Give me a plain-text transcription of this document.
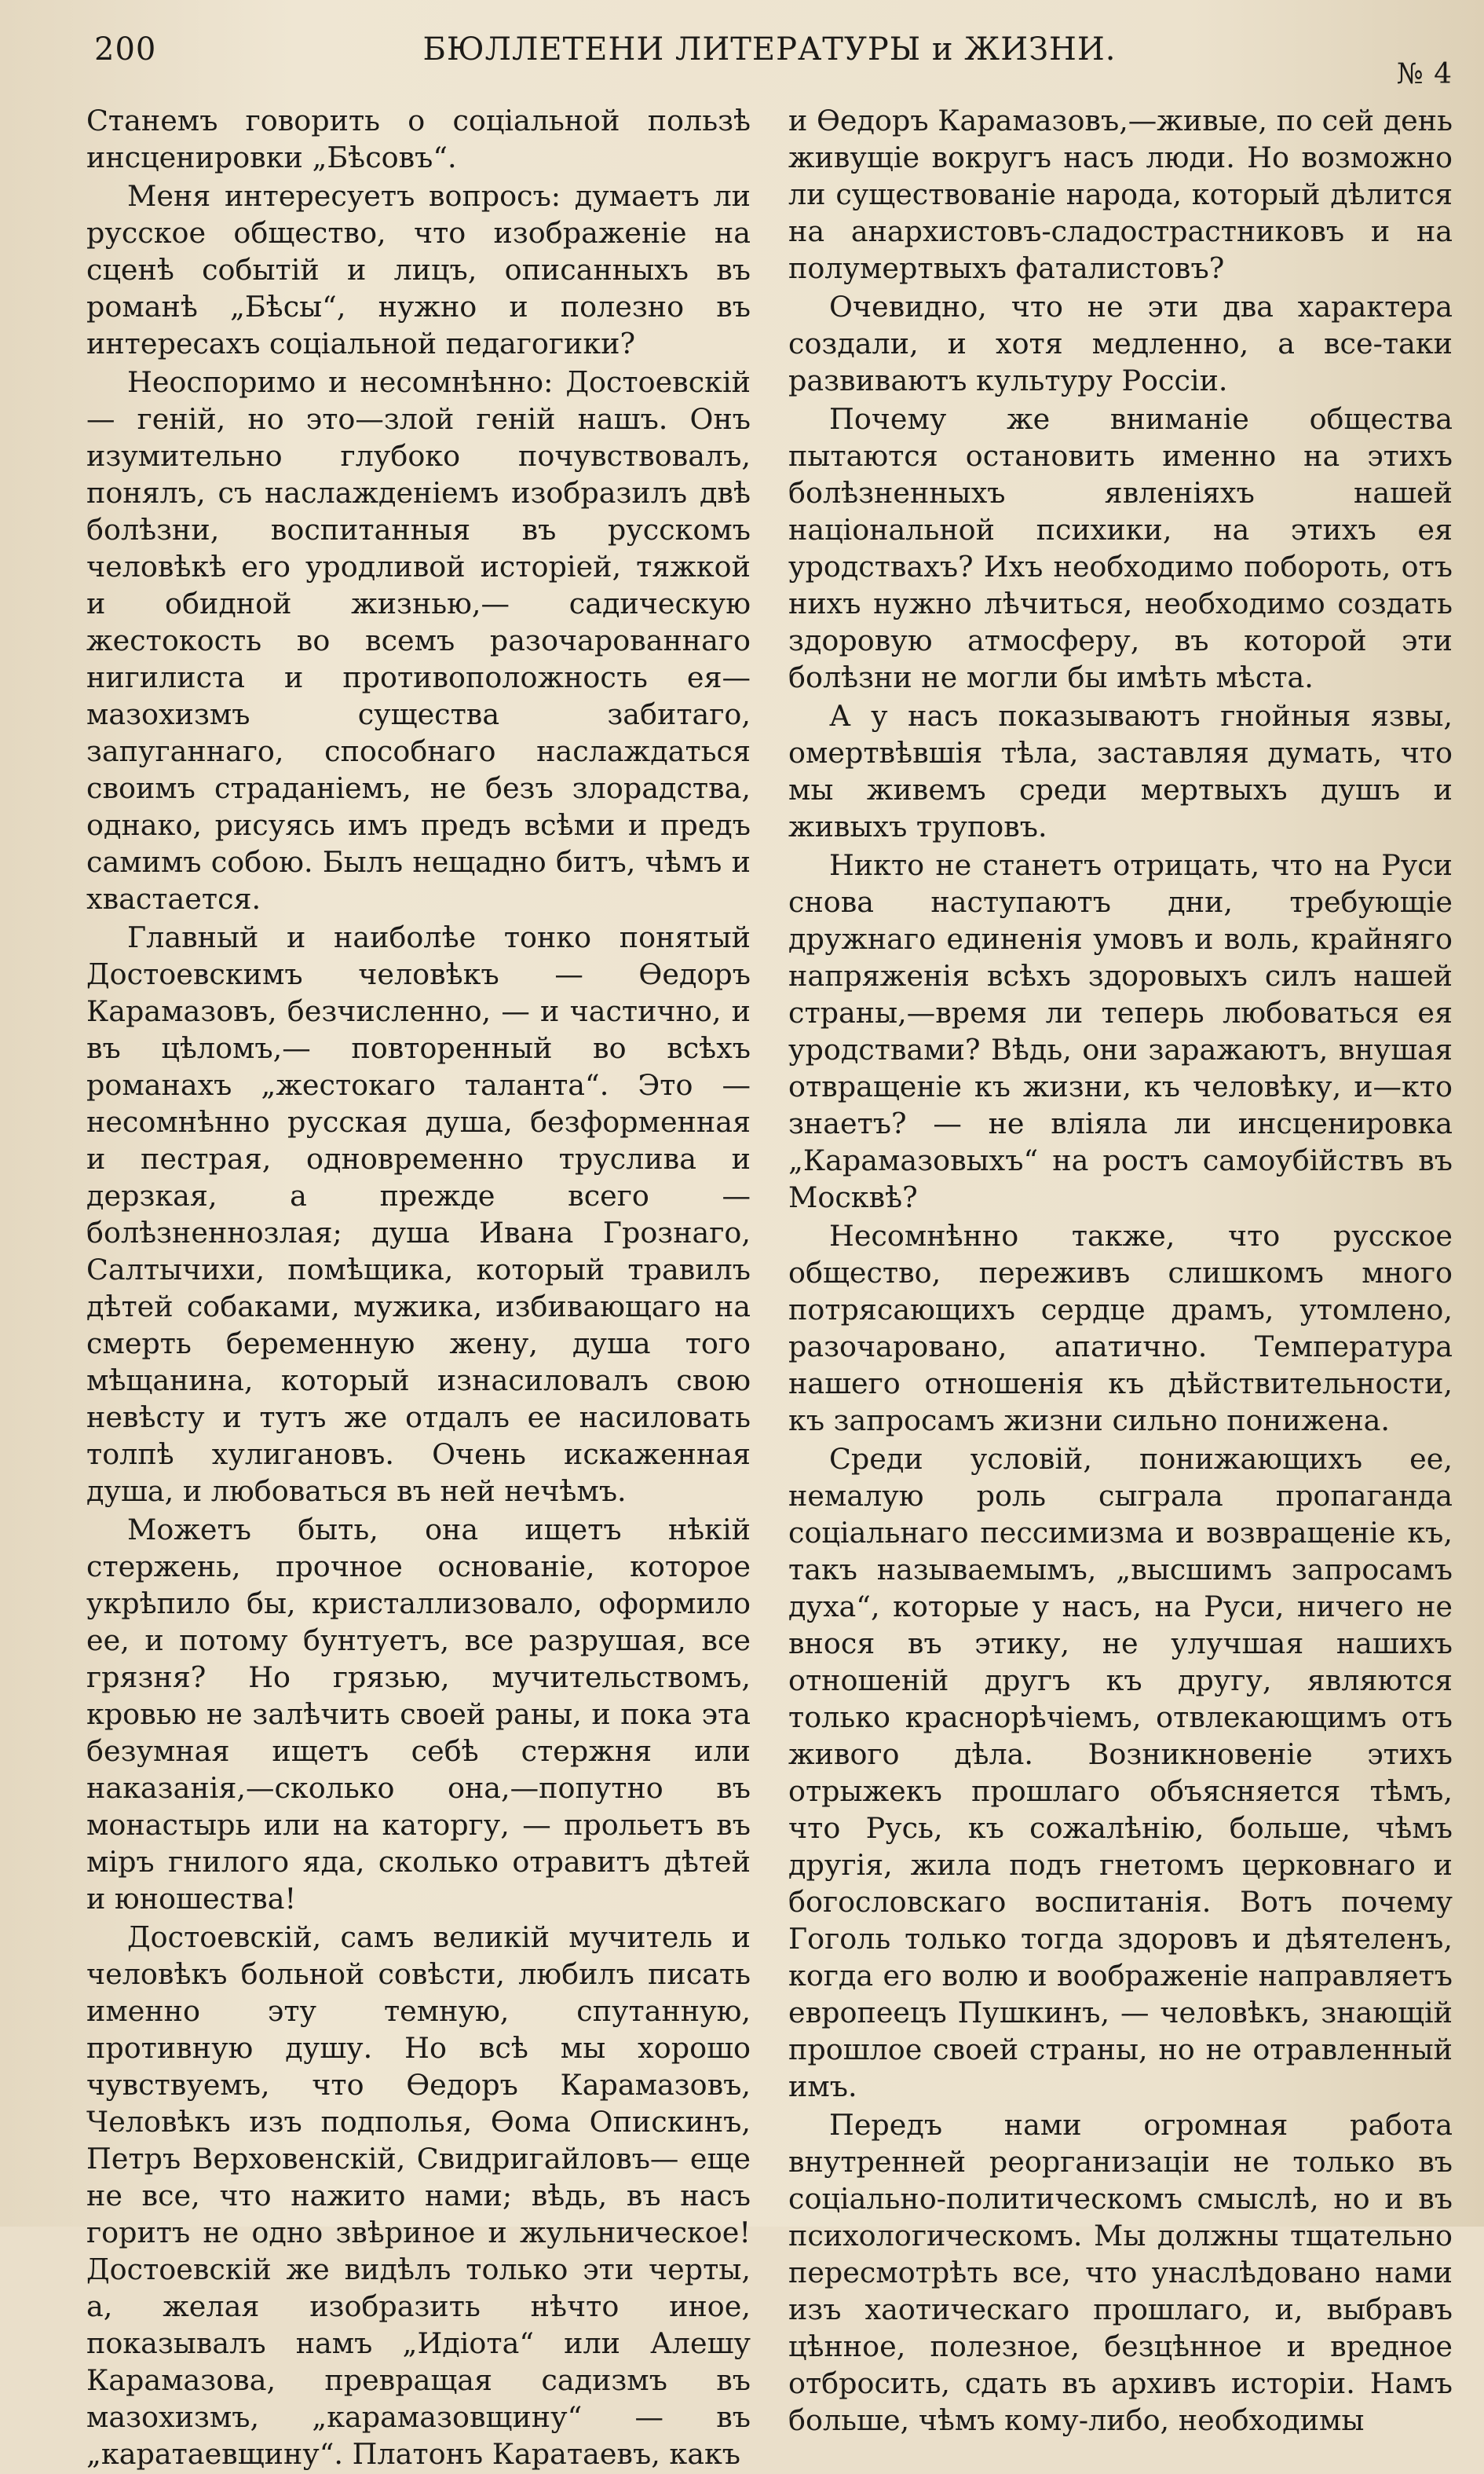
200	БЮЛЛЕТЕНИ ЛИТЕРАТУРЫ и ЖИЗНИ.
№ 4

Станемъ говорить о соціальной пользѣ инсценировки „Бѣсовъ“.

Меня интересуетъ вопросъ: думаетъ ли русское общество, что изображеніе на сценѣ событій и лицъ, описанныхъ въ романѣ „Бѣсы“, нужно и полезно въ интересахъ соціальной педагогики?

Неоспоримо и несомнѣнно: Достоевскій — геній, но это—злой геній нашъ. Онъ изумительно глубоко почувствовалъ, понялъ, съ наслажденіемъ изобразилъ двѣ болѣзни, воспитанныя въ русскомъ человѣкѣ его уродливой исторіей, тяжкой и обидной жизнью,— садическую жестокость во всемъ разочарованнаго нигилиста и противоположность ея—мазохизмъ существа забитаго, запуганнаго, способнаго наслаждаться своимъ страданіемъ, не безъ злорадства, однако, рисуясь имъ предъ всѣми и предъ самимъ собою. Былъ нещадно битъ, чѣмъ и хвастается.

Главный и наиболѣе тонко понятый Достоевскимъ человѣкъ — Ѳедоръ Карамазовъ, безчисленно, — и частично, и въ цѣломъ,— повторенный во всѣхъ романахъ „жестокаго таланта“. Это — несомнѣнно русская душа, безформенная и пестрая, одновременно труслива и дерзкая, а прежде всего — болѣзненнозлая; душа Ивана Грознаго, Салтычихи, помѣщика, который травилъ дѣтей собаками, мужика, избивающаго на смерть беременную жену, душа того мѣщанина, который изнасиловалъ свою невѣсту и тутъ же отдалъ ее насиловать толпѣ хулигановъ. Очень искаженная душа, и любоваться въ ней нечѣмъ.

Можетъ быть, она ищетъ нѣкій стержень, прочное основаніе, которое укрѣпило бы, кристаллизовало, оформило ее, и потому бунтуетъ, все разрушая, все грязня? Но грязью, мучительствомъ, кровью не залѣчить своей раны, и пока эта безумная ищетъ себѣ стержня или наказанія,—сколько она,—попутно въ монастырь или на каторгу, — прольетъ въ міръ гнилого яда, сколько отравитъ дѣтей и юношества!

Достоевскій, самъ великій мучитель и человѣкъ больной совѣсти, любилъ писать именно эту темную, спутанную, противную душу. Но всѣ мы хорошо чувствуемъ, что Ѳедоръ Карамазовъ, Человѣкъ изъ подполья, Ѳома Опискинъ, Петръ Верховенскій, Свидригайловъ— еще не все, что нажито нами; вѣдь, въ насъ горитъ не одно звѣриное и жульническое! Достоевскій же видѣлъ только эти черты, а, желая изобразить нѣчто иное, показывалъ намъ „Идіота“ или Алешу Карамазова, превращая садизмъ въ мазохизмъ, „карамазовщину“ — въ „каратаевщину“. Платонъ Каратаевъ, какъ

и Ѳедоръ Карамазовъ,—живые, по сей день живущіе вокругъ насъ люди. Но возможно ли существованіе народа, который дѣлится на анархистовъ-сладострастниковъ и на полумертвыхъ фаталистовъ?

Очевидно, что не эти два характера создали, и хотя медленно, а все-таки развиваютъ культуру Россіи.

Почему же вниманіе общества пытаются остановить именно на этихъ болѣзненныхъ явленіяхъ нашей національной психики, на этихъ ея уродствахъ? Ихъ необходимо побороть, отъ нихъ нужно лѣчиться, необходимо создать здоровую атмосферу, въ которой эти болѣзни не могли бы имѣть мѣста.

А у насъ показываютъ гнойныя язвы, омертвѣвшія тѣла, заставляя думать, что мы живемъ среди мертвыхъ душъ и живыхъ труповъ.

Никто не станетъ отрицать, что на Руси снова наступаютъ дни, требующіе дружнаго единенія умовъ и воль, крайняго напряженія всѣхъ здоровыхъ силъ нашей страны,—время ли теперь любоваться ея уродствами? Вѣдь, они заражаютъ, внушая отвращеніе къ жизни, къ человѣку, и—кто знаетъ? — не вліяла ли инсценировка „Карамазовыхъ“ на ростъ самоубійствъ въ Москвѣ?

Несомнѣнно также, что русское общество, переживъ слишкомъ много потрясающихъ сердце драмъ, утомлено, разочаровано, апатично. Температура нашего отношенія къ дѣйствительности, къ запросамъ жизни сильно понижена.

Среди условій, понижающихъ ее, немалую роль сыграла пропаганда соціальнаго пессимизма и возвращеніе къ, такъ называемымъ, „высшимъ запросамъ духа“, которые у насъ, на Руси, ничего не внося въ этику, не улучшая нашихъ отношеній другъ къ другу, являются только краснорѣчіемъ, отвлекающимъ отъ живого дѣла. Возникновеніе этихъ отрыжекъ прошлаго объясняется тѣмъ, что Русь, къ сожалѣнію, больше, чѣмъ другія, жила подъ гнетомъ церковнаго и богословскаго воспитанія. Вотъ почему Гоголь только тогда здоровъ и дѣятеленъ, когда его волю и воображеніе направляетъ европеецъ Пушкинъ, — человѣкъ, знающій прошлое своей страны, но не отравленный имъ.

Передъ нами огромная работа внутренней реорганизаціи не только въ соціально-политическомъ смыслѣ, но и въ психологическомъ. Мы должны тщательно пересмотрѣть все, что унаслѣдовано нами изъ хаотическаго прошлаго, и, выбравъ цѣнное, полезное, безцѣнное и вредное отбросить, сдать въ архивъ исторіи. Намъ больше, чѣмъ кому-либо, необходимы
